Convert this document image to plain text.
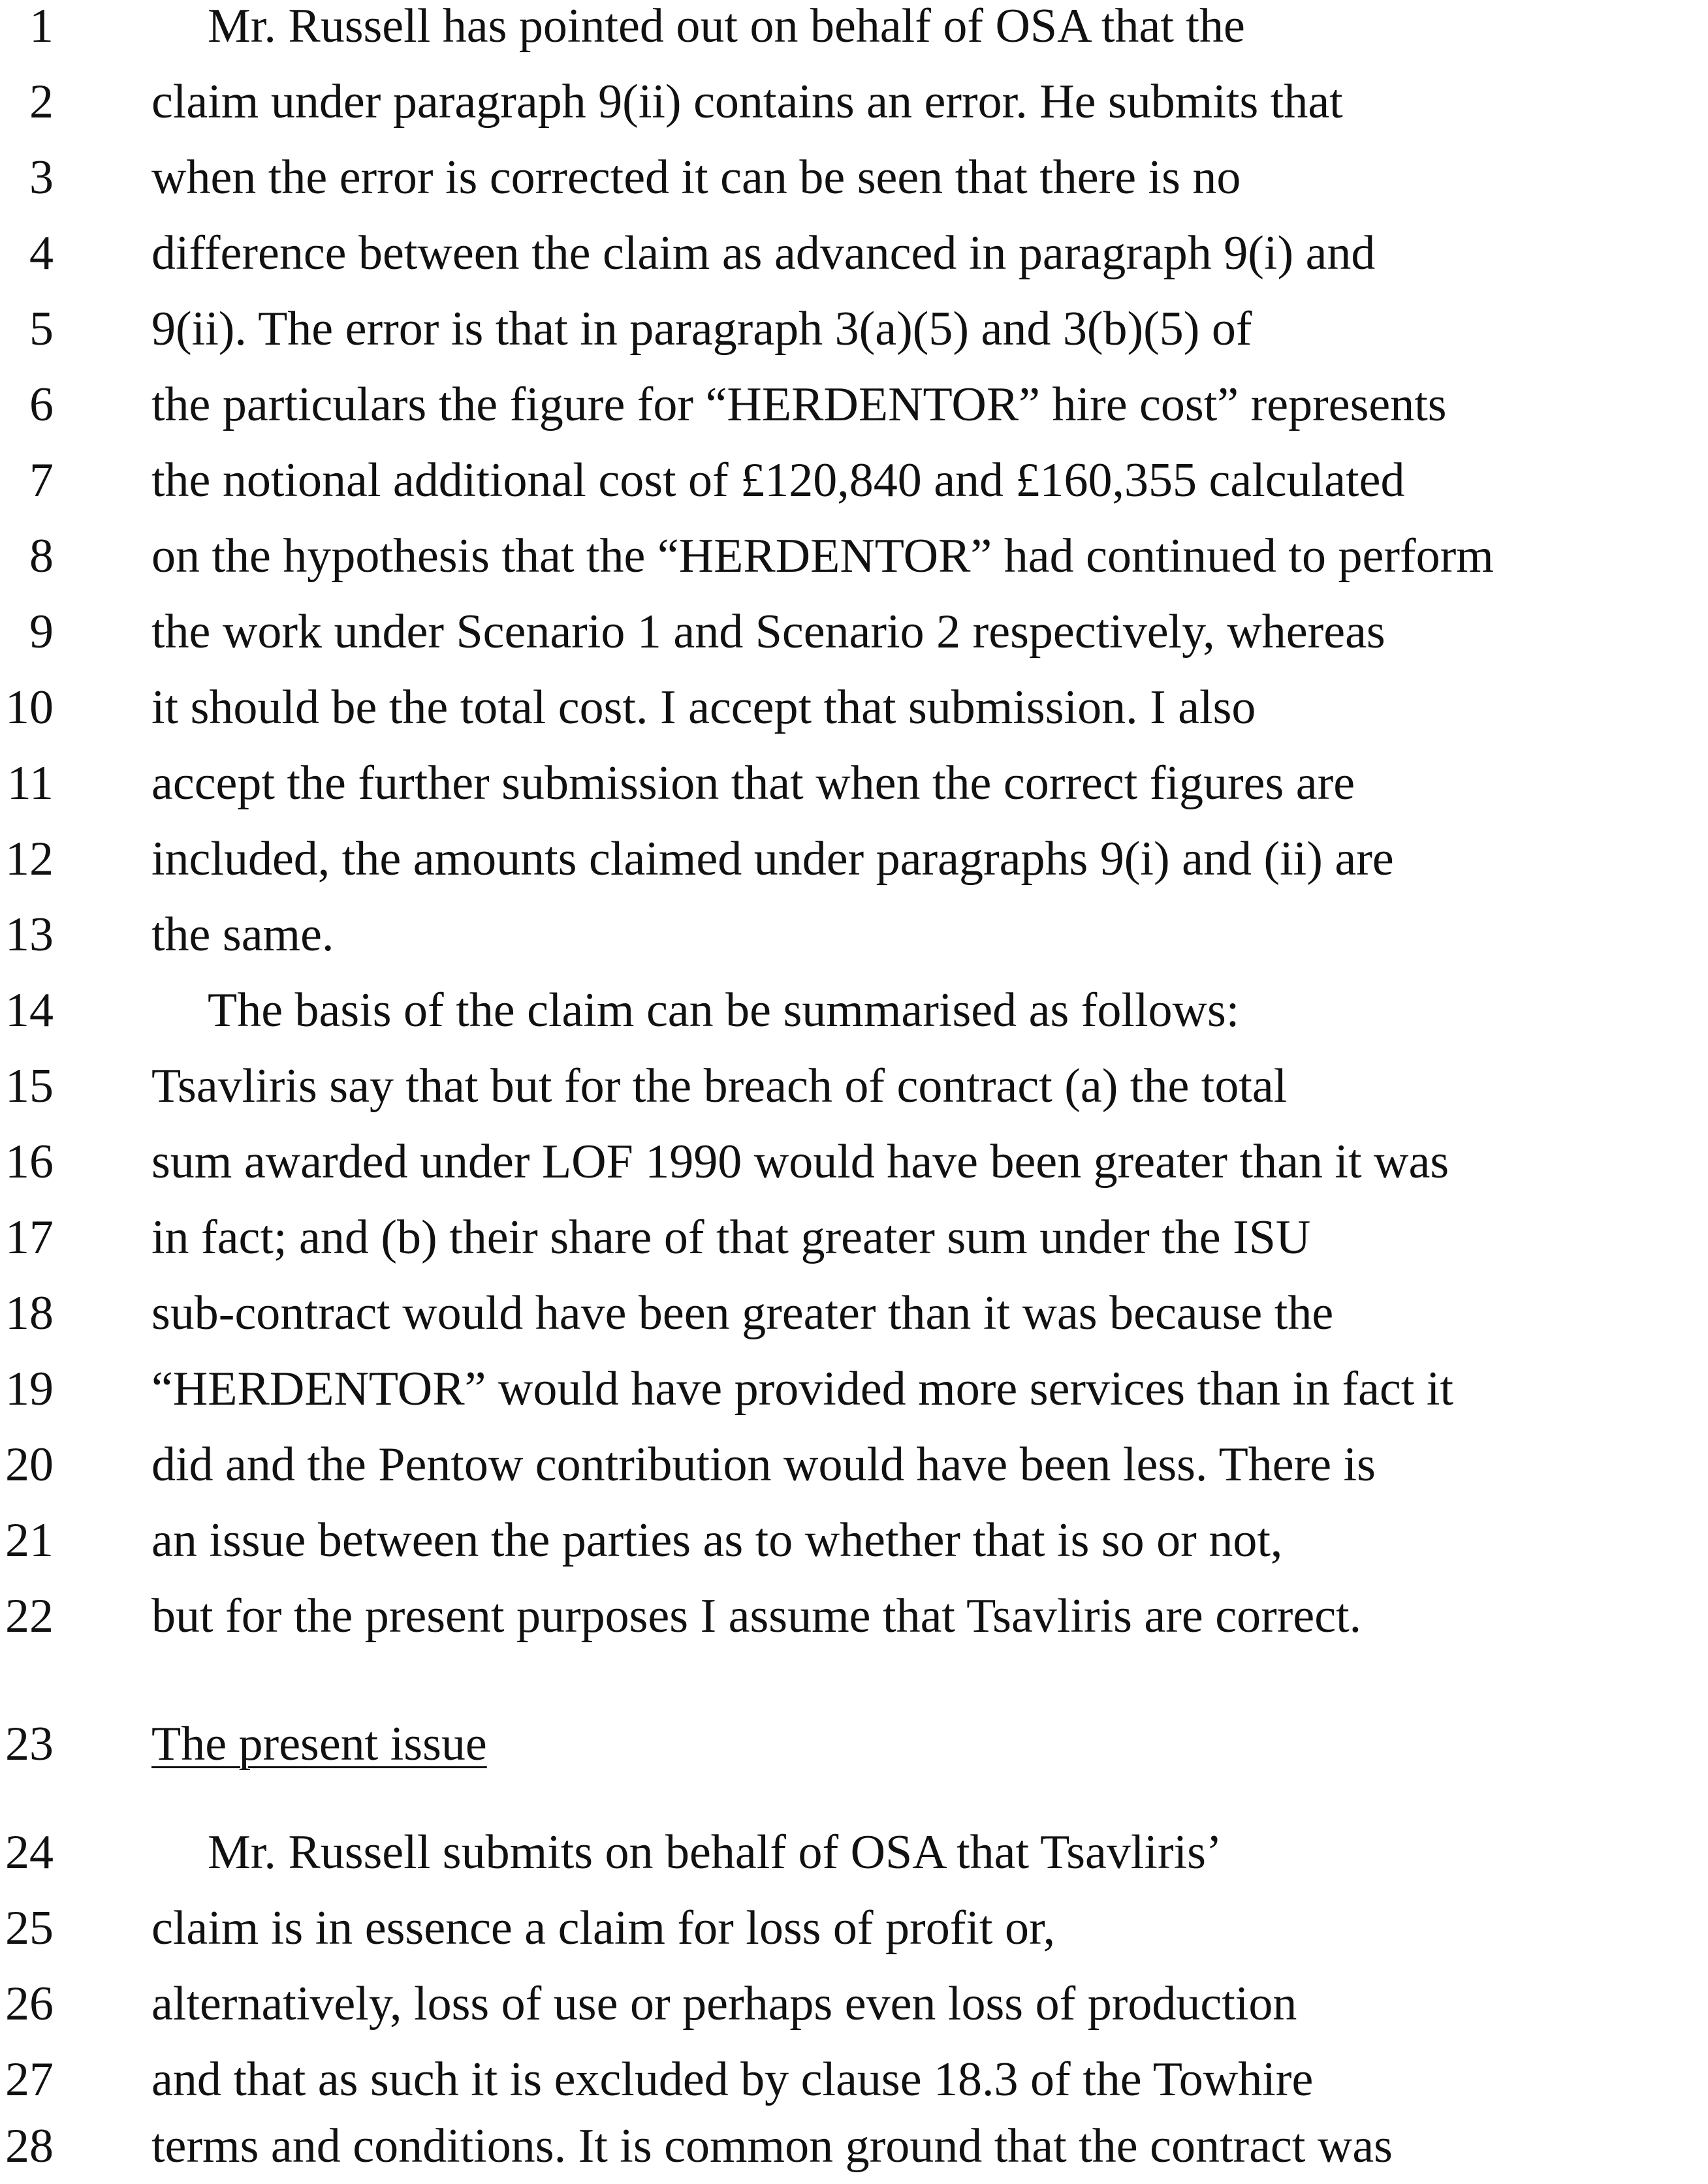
1	Mr. Russell has pointed out on behalf of OSA that the
2 claim under paragraph 9(ii) contains an error. He submits that
3 when the error is corrected it can be seen that there is no
4 difference between the claim as advanced in paragraph 9(i) and
5 9(ii). The error is that in paragraph 3(a)(5) and 3(b)(5) of
6 the particulars the figure for “HERDENTOR” hire cost” represents
7 the notional additional cost of £120,840 and £160,355 calculated
8 on the hypothesis that the “HERDENTOR” had continued to perform
9 the work under Scenario 1 and Scenario 2 respectively, whereas
10 it should be the total cost. I accept that submission. I also
11 accept the further submission that when the correct figures are
12 included, the amounts claimed under paragraphs 9(i) and (ii) are
13 the same.
14	The basis of the claim can be summarised as follows:
15 Tsavliris say that but for the breach of contract (a) the total
16 sum awarded under LOF 1990 would have been greater than it was
17 in fact; and (b) their share of that greater sum under the ISU
18 sub-contract would have been greater than it was because the
19 “HERDENTOR” would have provided more services than in fact it
20 did and the Pentow contribution would have been less. There is
21 an issue between the parties as to whether that is so or not,
22 but for the present purposes I assume that Tsavliris are correct.
23 The present issue
24	Mr. Russell submits on behalf of OSA that Tsavliris’
25 claim is in essence a claim for loss of profit or,
26 alternatively, loss of use or perhaps even loss of production
27 and that as such it is excluded by clause 18.3 of the Towhire
28 terms and conditions. It is common ground that the contract was
